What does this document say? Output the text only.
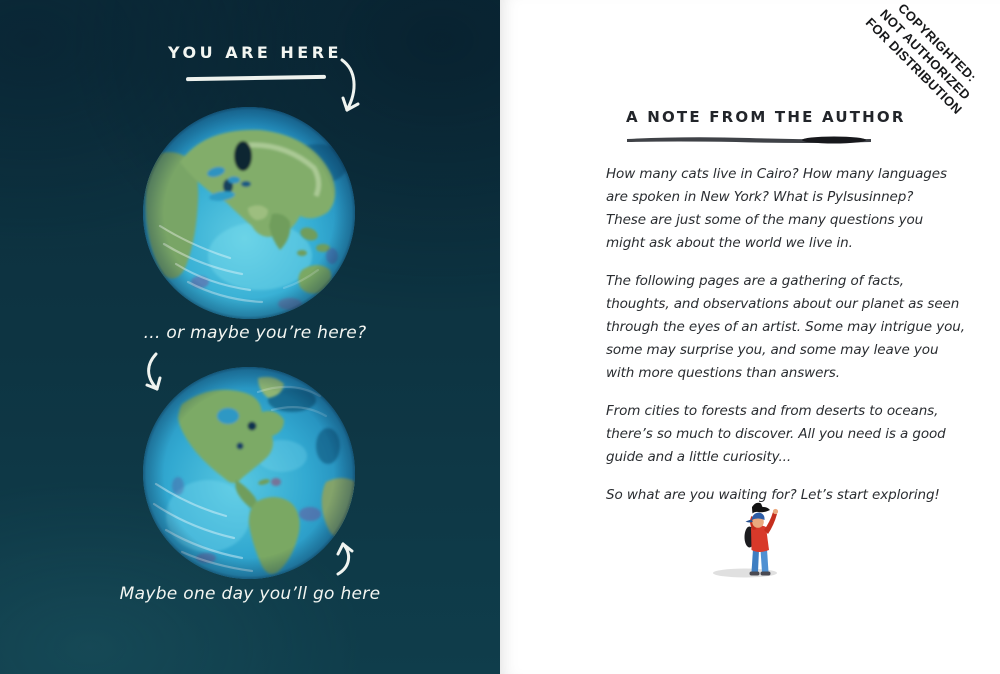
YOU ARE HERE
... or maybe you’re here?
Maybe one day you’ll go here
COPYRIGHTED:
NOT AUTHORIZED
FOR DISTRIBUTION
A NOTE FROM THE AUTHOR

How many cats live in Cairo? How many languages
are spoken in New York? What is Pylsusinnep?
These are just some of the many questions you
might ask about the world we live in.

The following pages are a gathering of facts,
thoughts, and observations about our planet as seen
through the eyes of an artist. Some may intrigue you,
some may surprise you, and some may leave you
with more questions than answers.

From cities to forests and from deserts to oceans,
there’s so much to discover. All you need is a good
guide and a little curiosity...

So what are you waiting for? Let’s start exploring!
